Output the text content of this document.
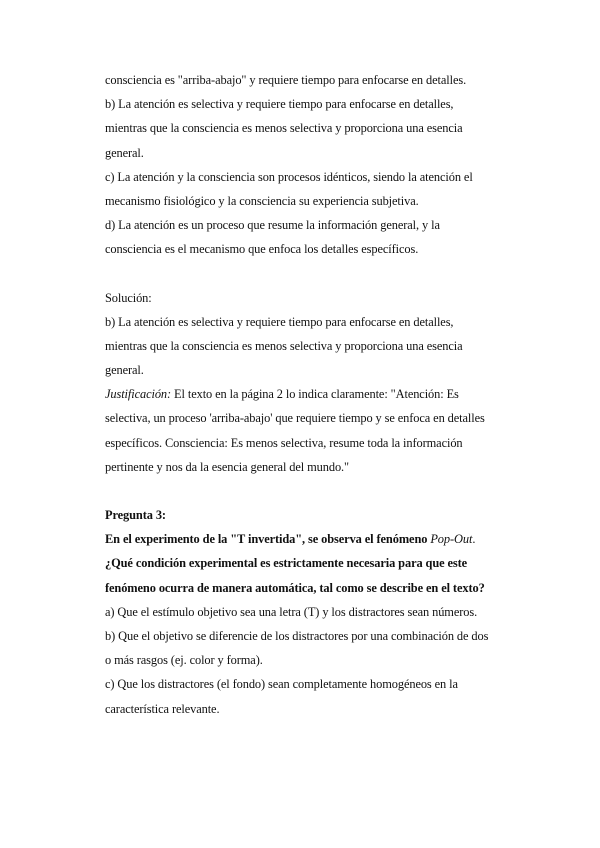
consciencia es "arriba-abajo" y requiere tiempo para enfocarse en detalles.
b) La atención es selectiva y requiere tiempo para enfocarse en detalles,
mientras que la consciencia es menos selectiva y proporciona una esencia
general.
c) La atención y la consciencia son procesos idénticos, siendo la atención el
mecanismo fisiológico y la consciencia su experiencia subjetiva.
d) La atención es un proceso que resume la información general, y la
consciencia es el mecanismo que enfoca los detalles específicos.
Solución:
b) La atención es selectiva y requiere tiempo para enfocarse en detalles,
mientras que la consciencia es menos selectiva y proporciona una esencia
general.
Justificación: El texto en la página 2 lo indica claramente: "Atención: Es
selectiva, un proceso 'arriba-abajo' que requiere tiempo y se enfoca en detalles
específicos. Consciencia: Es menos selectiva, resume toda la información
pertinente y nos da la esencia general del mundo."
Pregunta 3:
En el experimento de la "T invertida", se observa el fenómeno Pop-Out.
¿Qué condición experimental es estrictamente necesaria para que este
fenómeno ocurra de manera automática, tal como se describe en el texto?
a) Que el estímulo objetivo sea una letra (T) y los distractores sean números.
b) Que el objetivo se diferencie de los distractores por una combinación de dos
o más rasgos (ej. color y forma).
c) Que los distractores (el fondo) sean completamente homogéneos en la
característica relevante.
